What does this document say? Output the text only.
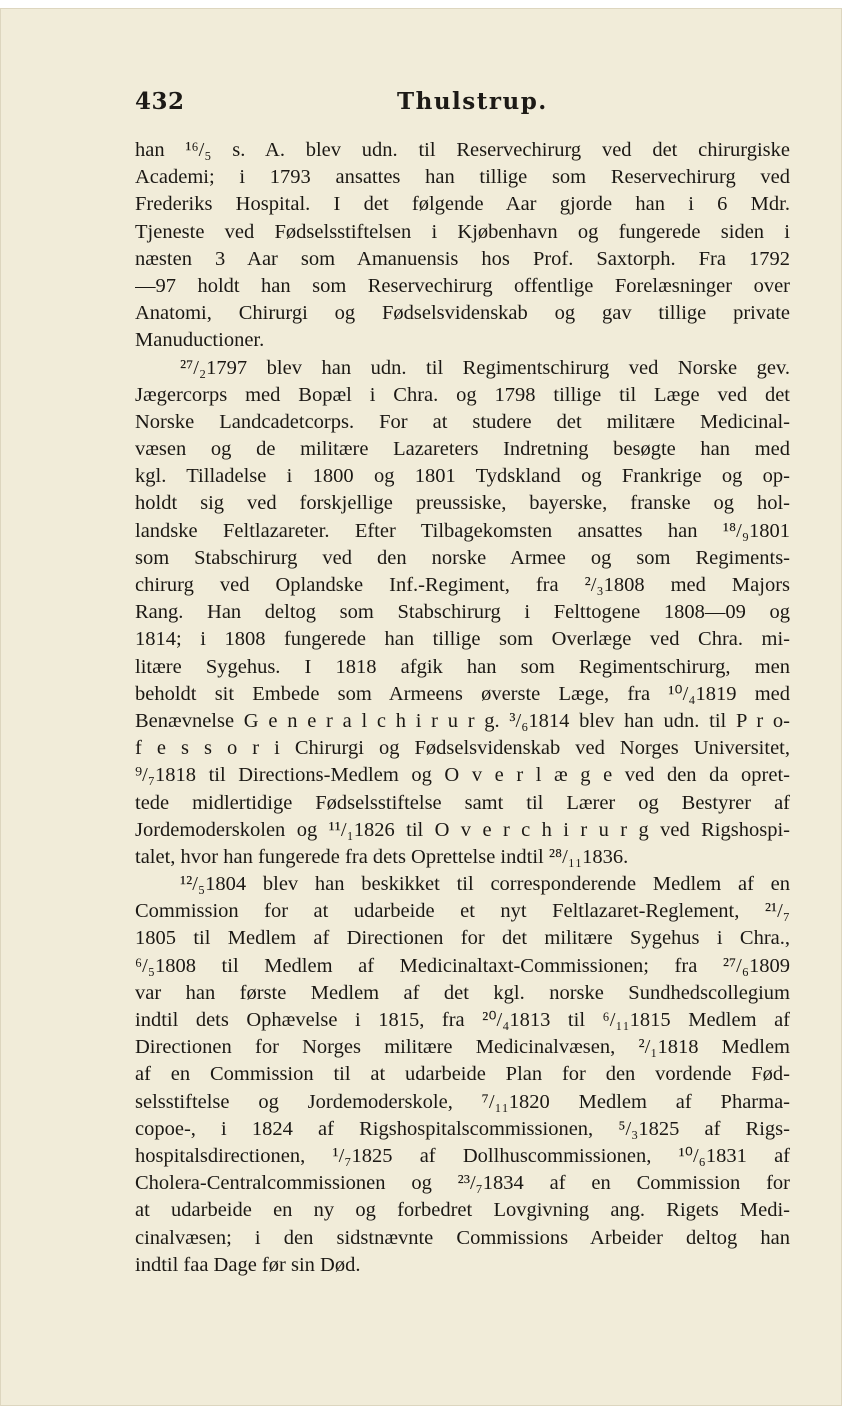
432	Thulstrup.
han ¹⁶/₅ s. A. blev udn. til Reservechirurg ved det chirurgiske
Academi; i 1793 ansattes han tillige som Reservechirurg ved
Frederiks Hospital. I det følgende Aar gjorde han i 6 Mdr.
Tjeneste ved Fødselsstiftelsen i Kjøbenhavn og fungerede siden i
næsten 3 Aar som Amanuensis hos Prof. Saxtorph. Fra 1792
—97 holdt han som Reservechirurg offentlige Forelæsninger over
Anatomi, Chirurgi og Fødselsvidenskab og gav tillige private
Manuductioner.
²⁷/₂1797 blev han udn. til Regimentschirurg ved Norske gev.
Jægercorps med Bopæl i Chra. og 1798 tillige til Læge ved det
Norske Landcadetcorps. For at studere det militære Medicinal-
væsen og de militære Lazareters Indretning besøgte han med
kgl. Tilladelse i 1800 og 1801 Tydskland og Frankrige og op-
holdt sig ved forskjellige preussiske, bayerske, franske og hol-
landske Feltlazareter. Efter Tilbagekomsten ansattes han ¹⁸/₉1801
som Stabschirurg ved den norske Armee og som Regiments-
chirurg ved Oplandske Inf.-Regiment, fra ²/₃1808 med Majors
Rang. Han deltog som Stabschirurg i Felttogene 1808—09 og
1814; i 1808 fungerede han tillige som Overlæge ved Chra. mi-
litære Sygehus. I 1818 afgik han som Regimentschirurg, men
beholdt sit Embede som Armeens øverste Læge, fra ¹⁰/₄1819 med
Benævnelse G e n e r a l c h i r u r g. ³/₆1814 blev han udn. til P r o-
f e s s o r i Chirurgi og Fødselsvidenskab ved Norges Universitet,
⁹/₇1818 til Directions-Medlem og O v e r l æ g e ved den da opret-
tede midlertidige Fødselsstiftelse samt til Lærer og Bestyrer af
Jordemoderskolen og ¹¹/₁1826 til O v e r c h i r u r g ved Rigshospi-
talet, hvor han fungerede fra dets Oprettelse indtil ²⁸/₁₁1836.
¹²/₅1804 blev han beskikket til corresponderende Medlem af en
Commission for at udarbeide et nyt Feltlazaret-Reglement, ²¹/₇
1805 til Medlem af Directionen for det militære Sygehus i Chra.,
⁶/₅1808 til Medlem af Medicinaltaxt-Commissionen; fra ²⁷/₆1809
var han første Medlem af det kgl. norske Sundhedscollegium
indtil dets Ophævelse i 1815, fra ²⁰/₄1813 til ⁶/₁₁1815 Medlem af
Directionen for Norges militære Medicinalvæsen, ²/₁1818 Medlem
af en Commission til at udarbeide Plan for den vordende Fød-
selsstiftelse og Jordemoderskole, ⁷/₁₁1820 Medlem af Pharma-
copoe-, i 1824 af Rigshospitalscommissionen, ⁵/₃1825 af Rigs-
hospitalsdirectionen, ¹/₇1825 af Dollhuscommissionen, ¹⁰/₆1831 af
Cholera-Centralcommissionen og ²³/₇1834 af en Commission for
at udarbeide en ny og forbedret Lovgivning ang. Rigets Medi-
cinalvæsen; i den sidstnævnte Commissions Arbeider deltog han
indtil faa Dage før sin Død.
